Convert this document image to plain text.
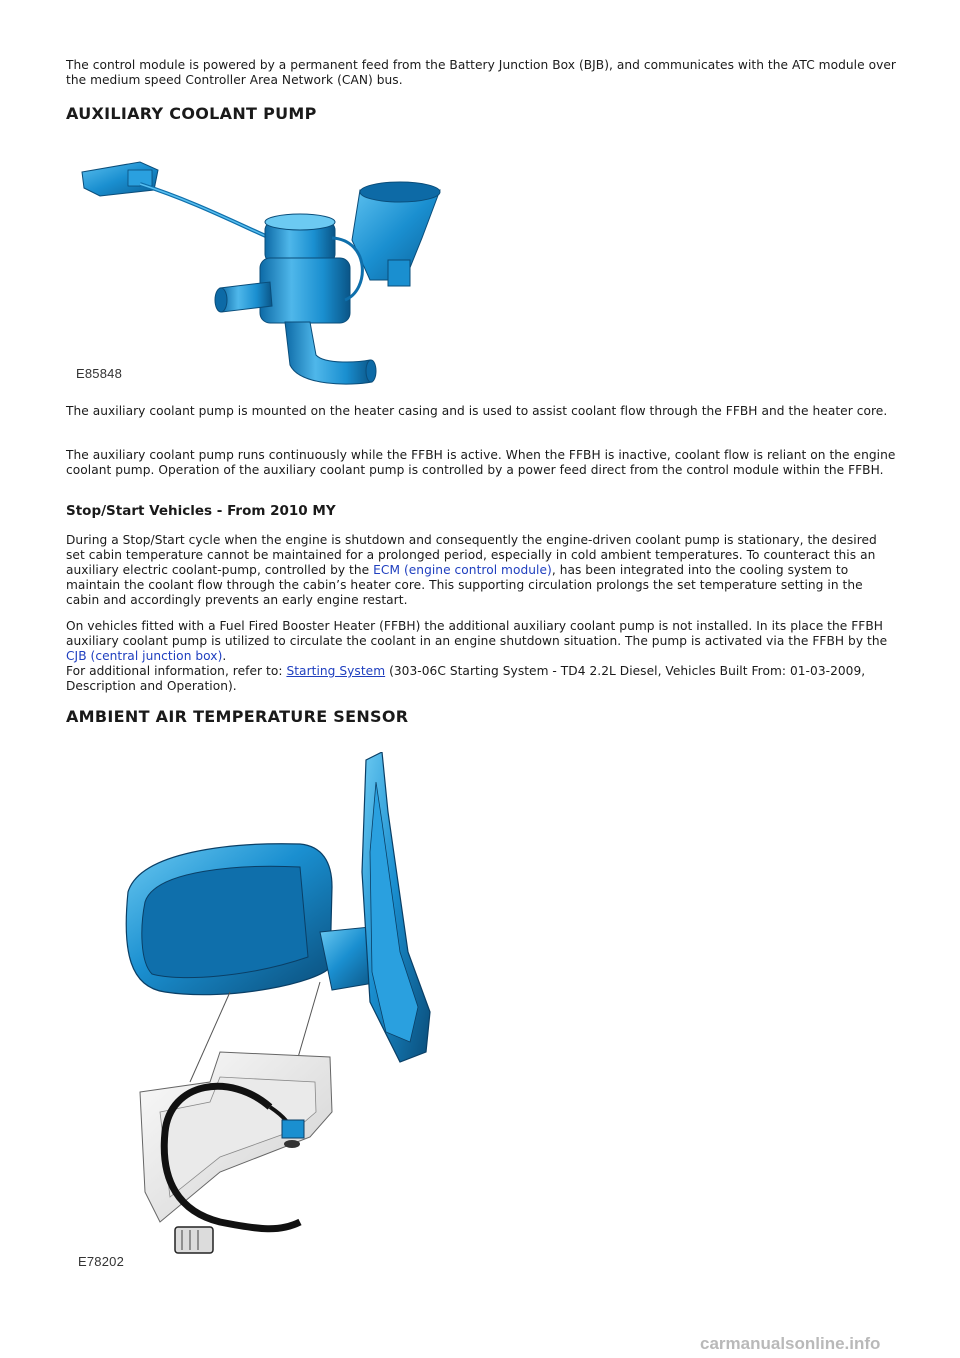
The control module is powered by a permanent feed from the Battery Junction Box (BJB), and communicates with the ATC module over the medium speed Controller Area Network (CAN) bus.

AUXILIARY COOLANT PUMP
E85848

The auxiliary coolant pump is mounted on the heater casing and is used to assist coolant flow through the FFBH and the heater core.

The auxiliary coolant pump runs continuously while the FFBH is active. When the FFBH is inactive, coolant flow is reliant on the engine coolant pump. Operation of the auxiliary coolant pump is controlled by a power feed direct from the control module within the FFBH.

Stop/Start Vehicles - From 2010 MY

During a Stop/Start cycle when the engine is shutdown and consequently the engine-driven coolant pump is stationary, the desired set cabin temperature cannot be maintained for a prolonged period, especially in cold ambient temperatures. To counteract this an auxiliary electric coolant-pump, controlled by the ECM (engine control module), has been integrated into the cooling system to maintain the coolant flow through the cabin’s heater core. This supporting circulation prolongs the set temperature setting in the cabin and accordingly prevents an early engine restart.

On vehicles fitted with a Fuel Fired Booster Heater (FFBH) the additional auxiliary coolant pump is not installed. In its place the FFBH auxiliary coolant pump is utilized to circulate the coolant in an engine shutdown situation. The pump is activated via the FFBH by the CJB (central junction box).
For additional information, refer to: Starting System (303-06C Starting System - TD4 2.2L Diesel, Vehicles Built From: 01-03-2009, Description and Operation).

AMBIENT AIR TEMPERATURE SENSOR
E78202
carmanualsonline.info
